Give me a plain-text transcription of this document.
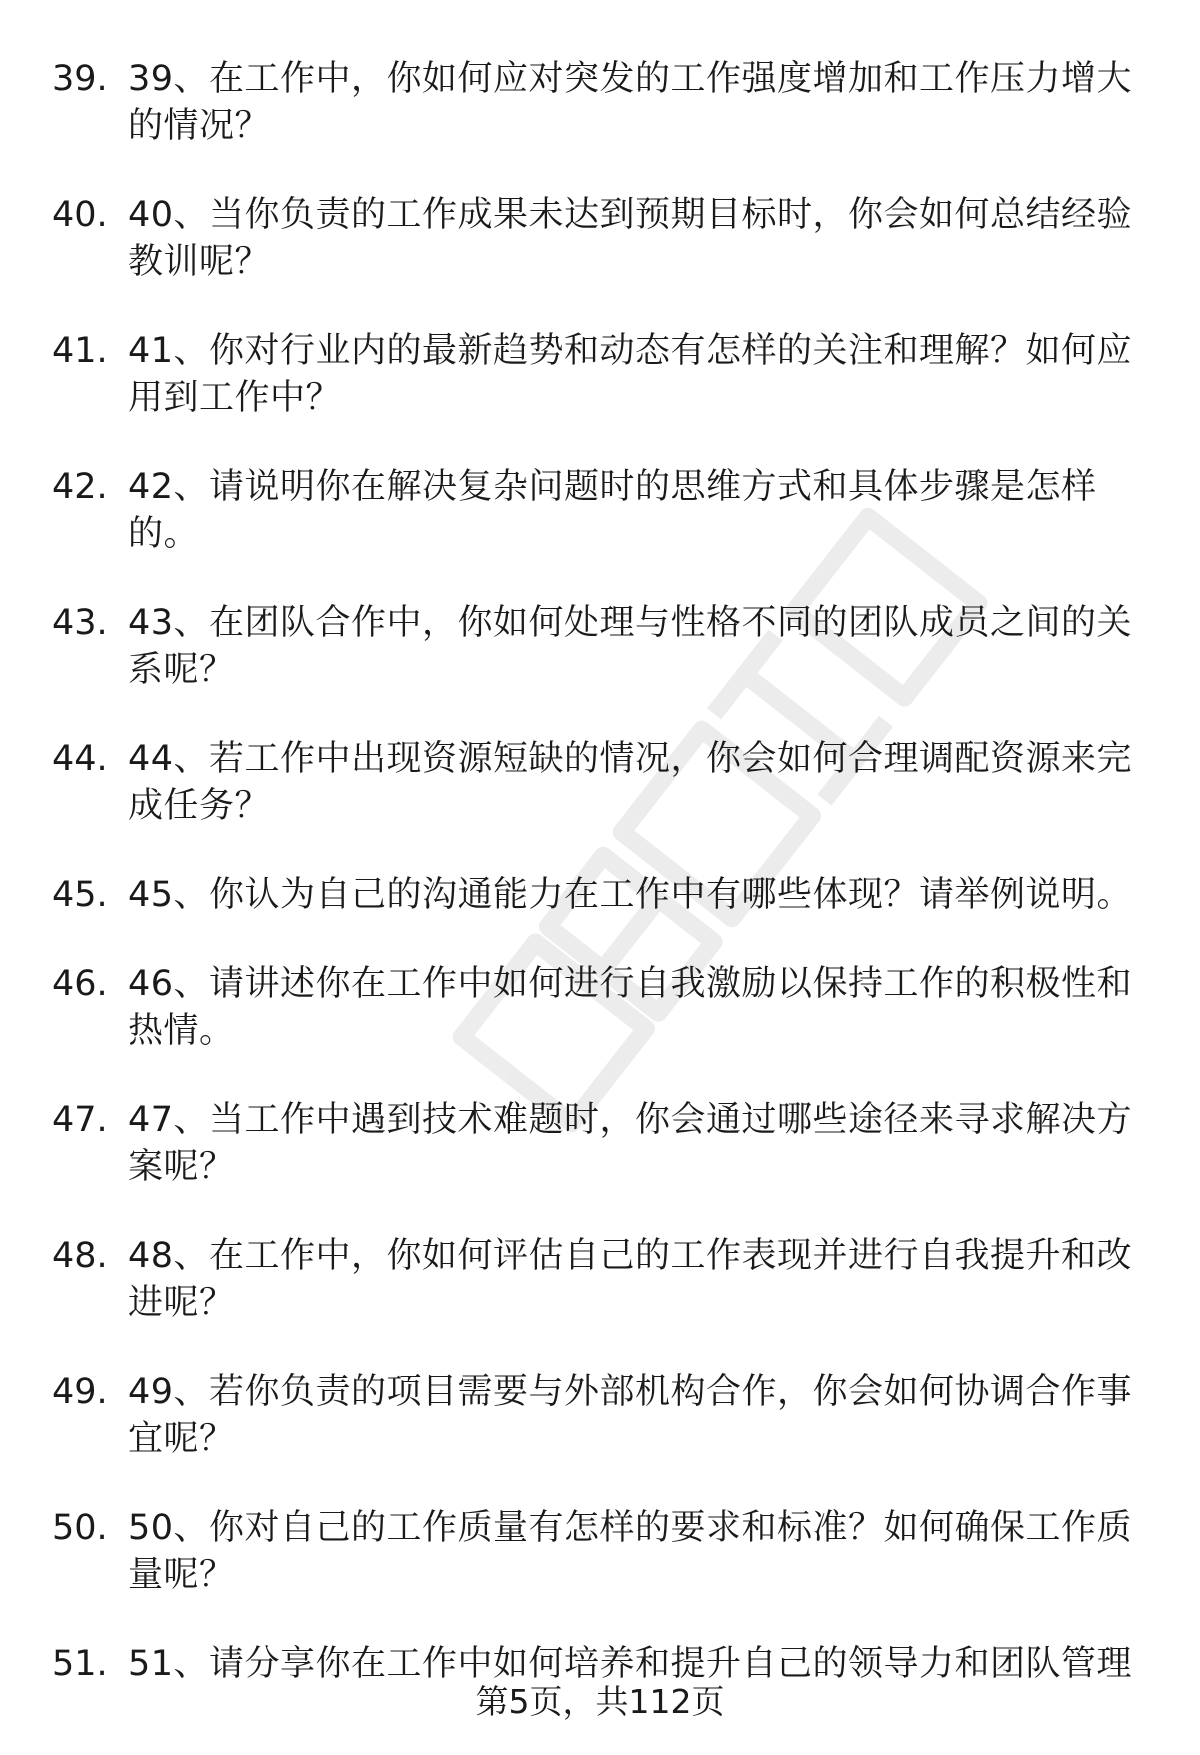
39. 39、在工作中，你如何应对突发的工作强度增加和工作压力增大的情况？
40. 40、当你负责的工作成果未达到预期目标时，你会如何总结经验教训呢？
41. 41、你对行业内的最新趋势和动态有怎样的关注和理解？如何应用到工作中？
42. 42、请说明你在解决复杂问题时的思维方式和具体步骤是怎样的。
43. 43、在团队合作中，你如何处理与性格不同的团队成员之间的关系呢？
44. 44、若工作中出现资源短缺的情况，你会如何合理调配资源来完成任务？
45. 45、你认为自己的沟通能力在工作中有哪些体现？请举例说明。
46. 46、请讲述你在工作中如何进行自我激励以保持工作的积极性和热情。
47. 47、当工作中遇到技术难题时，你会通过哪些途径来寻求解决方案呢？
48. 48、在工作中，你如何评估自己的工作表现并进行自我提升和改进呢？
49. 49、若你负责的项目需要与外部机构合作，你会如何协调合作事宜呢？
50. 50、你对自己的工作质量有怎样的要求和标准？如何确保工作质量呢？
51. 51、请分享你在工作中如何培养和提升自己的领导力和团队管理
第5页，共112页
